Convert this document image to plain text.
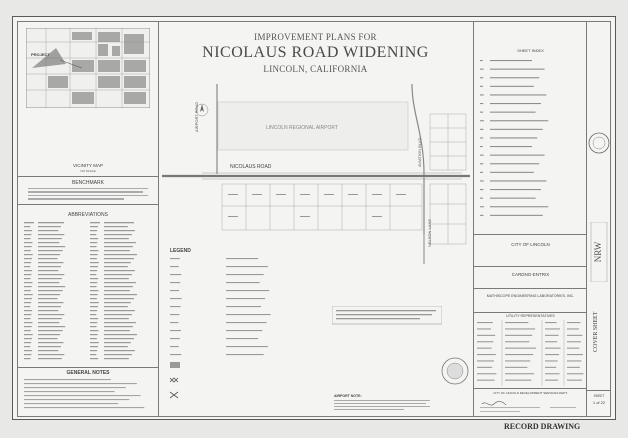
PROJECT
VICINITY MAP
NO SCALE
BENCHMARK
ABBREVIATIONS
GENERAL NOTES
IMPROVEMENT PLANS FOR
NICOLAUS ROAD WIDENING
LINCOLN, CALIFORNIA
LINCOLN REGIONAL AIRPORT
AIRPORT ROAD
NICOLAUS ROAD	AVIATION BLVD
NELSON LANE
LEGEND
AIRPORT NOTE:
SHEET INDEX
CITY OF LINCOLN
CARDNO-ENTRIX
MATHISCOPE ENGINEERING LABORATORIES, INC.
UTILITY REPRESENTATIVES
CITY OF LINCOLN DEVELOPMENT SERVICES DEPT.
NRW
COVER SHEET
SHEET
1 of 22
RECORD DRAWING
